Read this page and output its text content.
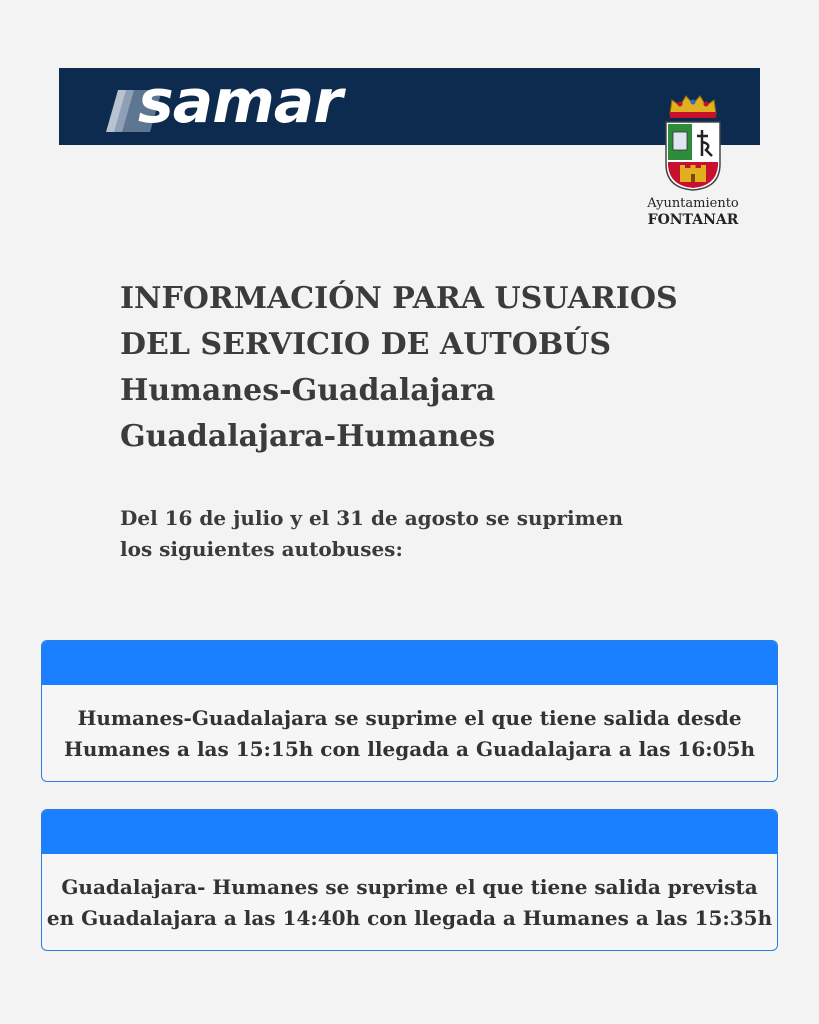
samar
Ayuntamiento
FONTANAR
INFORMACIÓN PARA USUARIOS
DEL SERVICIO DE AUTOBÚS
Humanes-Guadalajara
Guadalajara-Humanes
Del 16 de julio y el 31 de agosto se suprimen
los siguientes autobuses:
Humanes-Guadalajara se suprime el que tiene salida desde
Humanes a las 15:15h con llegada a Guadalajara a las 16:05h
Guadalajara- Humanes se suprime el que tiene salida prevista
en Guadalajara a las 14:40h con llegada a Humanes a las 15:35h
